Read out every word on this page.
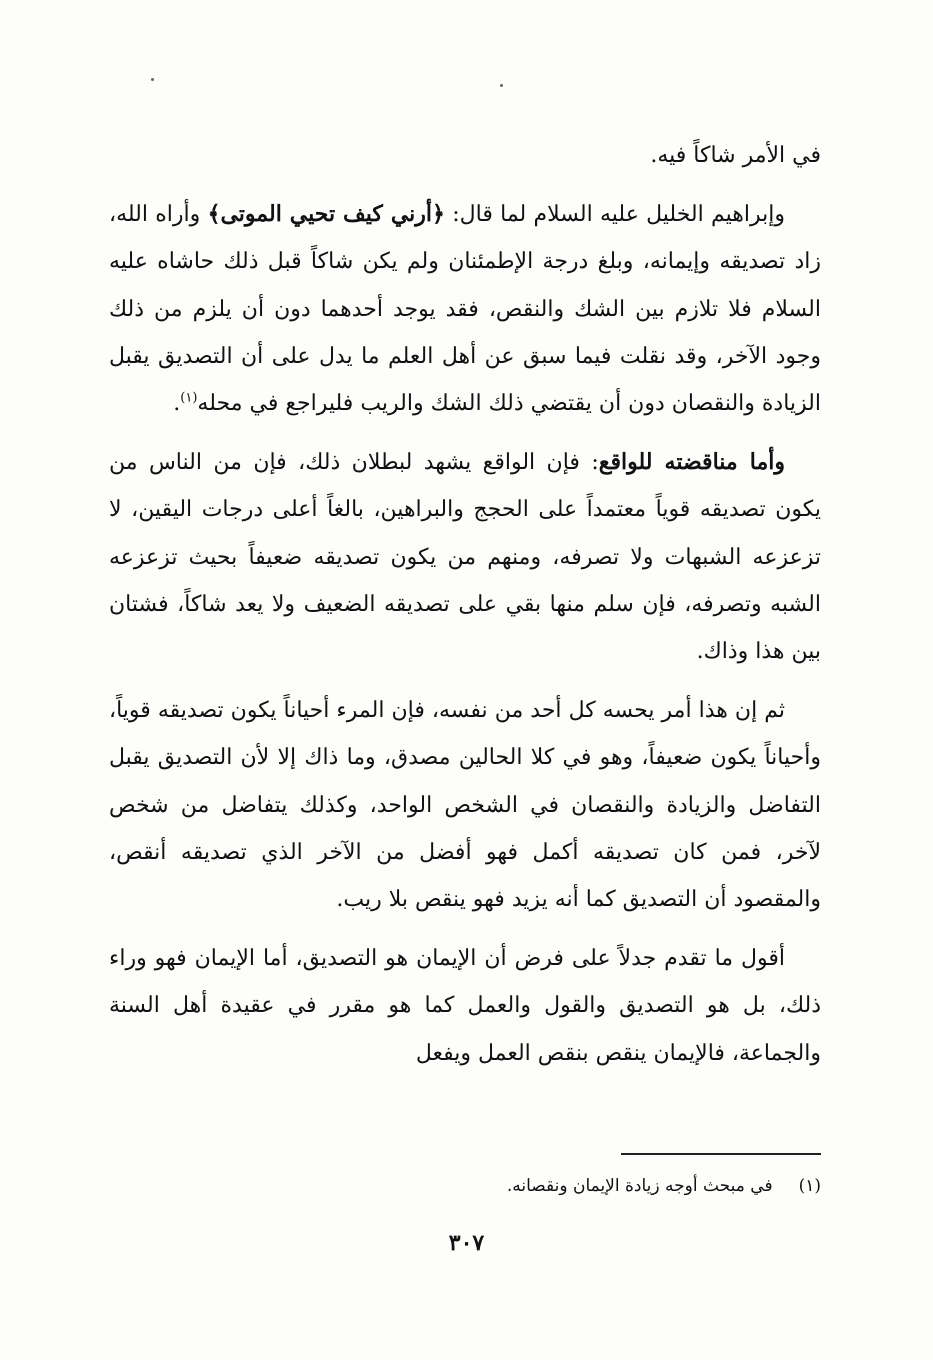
في الأمر شاكاً فيه.

وإبراهيم الخليل عليه السلام لما قال: ﴿أرني كيف تحيي الموتى﴾ وأراه الله، زاد تصديقه وإيمانه، وبلغ درجة الإطمئنان ولم يكن شاكاً قبل ذلك حاشاه عليه السلام فلا تلازم بين الشك والنقص، فقد يوجد أحدهما دون أن يلزم من ذلك وجود الآخر، وقد نقلت فيما سبق عن أهل العلم ما يدل على أن التصديق يقبل الزيادة والنقصان دون أن يقتضي ذلك الشك والريب فليراجع في محله$^{(١)}$.

وأما مناقضته للواقع: فإن الواقع يشهد لبطلان ذلك، فإن من الناس من يكون تصديقه قوياً معتمداً على الحجج والبراهين، بالغاً أعلى درجات اليقين، لا تزعزعه الشبهات ولا تصرفه، ومنهم من يكون تصديقه ضعيفاً بحيث تزعزعه الشبه وتصرفه، فإن سلم منها بقي على تصديقه الضعيف ولا يعد شاكاً، فشتان بين هذا وذاك.

ثم إن هذا أمر يحسه كل أحد من نفسه، فإن المرء أحياناً يكون تصديقه قوياً، وأحياناً يكون ضعيفاً، وهو في كلا الحالين مصدق، وما ذاك إلا لأن التصديق يقبل التفاضل والزيادة والنقصان في الشخص الواحد، وكذلك يتفاضل من شخص لآخر، فمن كان تصديقه أكمل فهو أفضل من الآخر الذي تصديقه أنقص، والمقصود أن التصديق كما أنه يزيد فهو ينقص بلا ريب.

أقول ما تقدم جدلاً على فرض أن الإيمان هو التصديق، أما الإيمان فهو وراء ذلك، بل هو التصديق والقول والعمل كما هو مقرر في عقيدة أهل السنة والجماعة، فالإيمان ينقص بنقص العمل ويفعل

(١)في مبحث أوجه زيادة الإيمان ونقصانه.
٣٠٧
